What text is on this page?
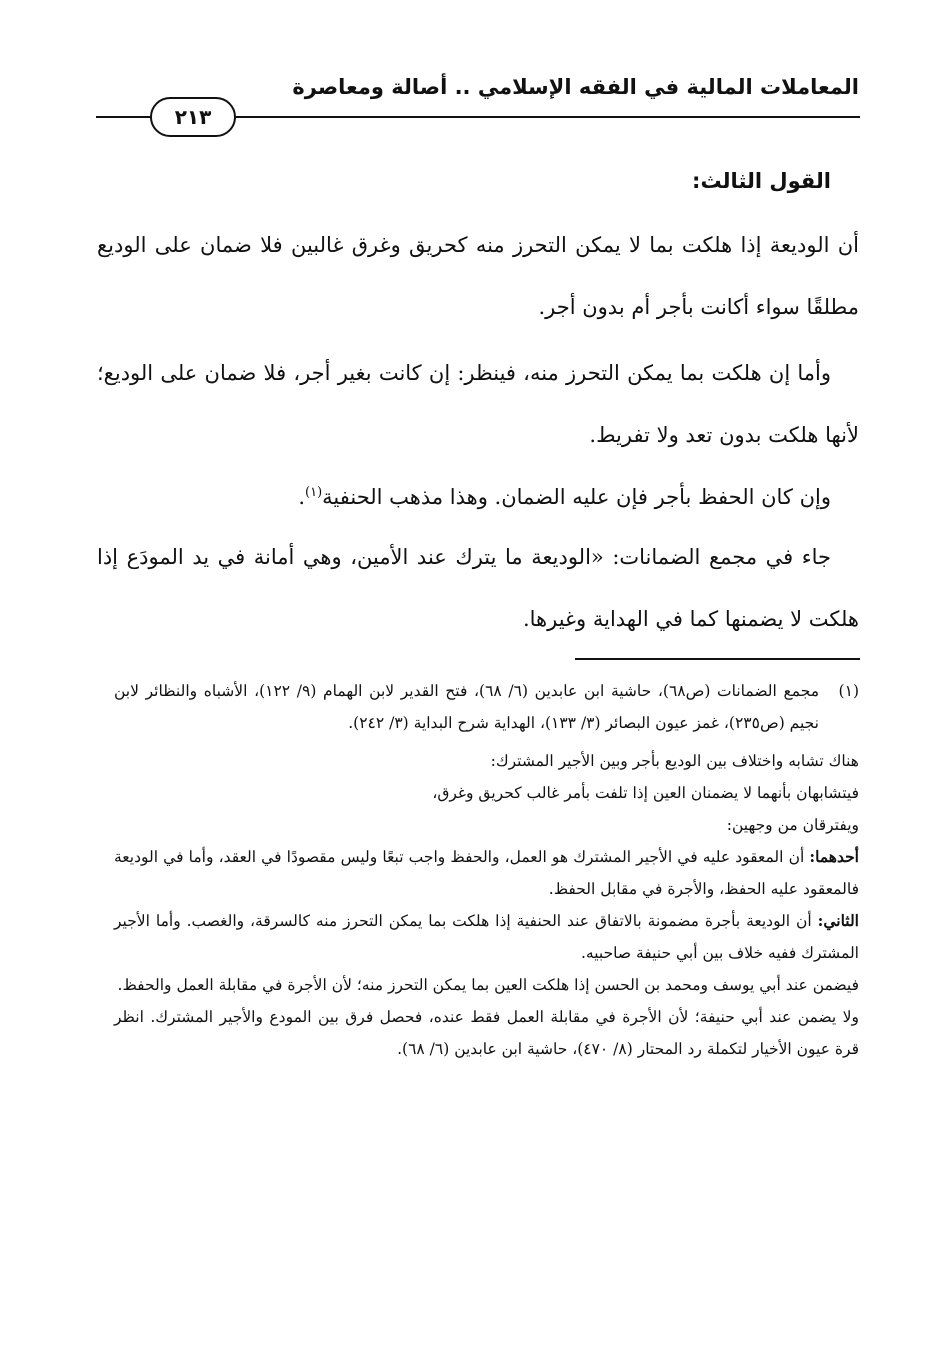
المعاملات المالية في الفقه الإسلامي .. أصالة ومعاصرة
٢١٣
القول الثالث:

أن الوديعة إذا هلكت بما لا يمكن التحرز منه كحريق وغرق غالبين فلا ضمان على الوديع مطلقًا سواء أكانت بأجر أم بدون أجر.

وأما إن هلكت بما يمكن التحرز منه، فينظر: إن كانت بغير أجر، فلا ضمان على الوديع؛ لأنها هلكت بدون تعد ولا تفريط.

وإن كان الحفظ بأجر فإن عليه الضمان. وهذا مذهب الحنفية$^{(١)}$.

جاء في مجمع الضمانات: «الوديعة ما يترك عند الأمين، وهي أمانة في يد المودَع إذا هلكت لا يضمنها كما في الهداية وغيرها.

(١)
مجمع الضمانات (ص٦٨)، حاشية ابن عابدين (٦/ ٦٨)، فتح القدير لابن الهمام (٩/ ١٢٢)، الأشباه والنظائر لابن نجيم (ص٢٣٥)، غمز عيون البصائر (٣/ ١٣٣)، الهداية شرح البداية (٣/ ٢٤٢).

هناك تشابه واختلاف بين الوديع بأجر وبين الأجير المشترك:

فيتشابهان بأنهما لا يضمنان العين إذا تلفت بأمر غالب كحريق وغرق،

ويفترقان من وجهين:

أحدهما: أن المعقود عليه في الأجير المشترك هو العمل، والحفظ واجب تبعًا وليس مقصودًا في العقد، وأما في الوديعة فالمعقود عليه الحفظ، والأجرة في مقابل الحفظ.

الثاني: أن الوديعة بأجرة مضمونة بالاتفاق عند الحنفية إذا هلكت بما يمكن التحرز منه كالسرقة، والغصب. وأما الأجير المشترك ففيه خلاف بين أبي حنيفة صاحبيه.

فيضمن عند أبي يوسف ومحمد بن الحسن إذا هلكت العين بما يمكن التحرز منه؛ لأن الأجرة في مقابلة العمل والحفظ.

ولا يضمن عند أبي حنيفة؛ لأن الأجرة في مقابلة العمل فقط عنده، فحصل فرق بين المودع والأجير المشترك. انظر قرة عيون الأخيار لتكملة رد المحتار (٨/ ٤٧٠)، حاشية ابن عابدين (٦/ ٦٨).
